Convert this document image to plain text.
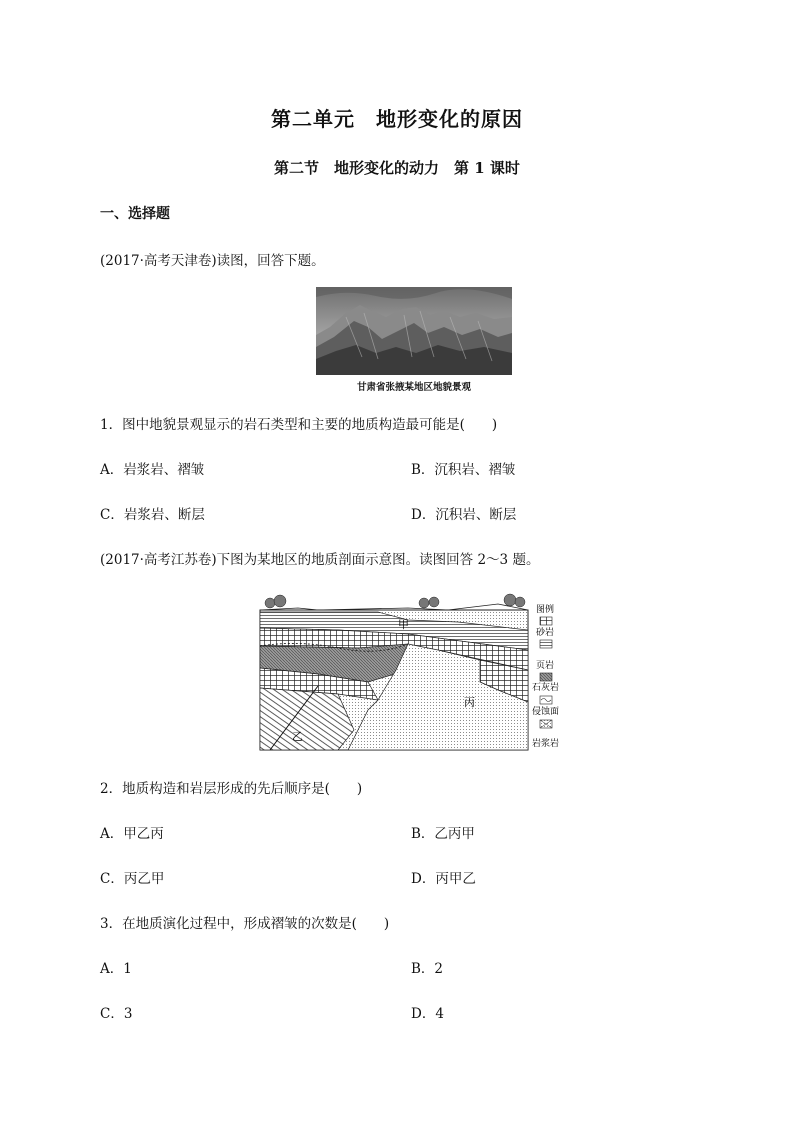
第二单元　地形变化的原因
第二节　地形变化的动力　第 1 课时
一、选择题
(2017·高考天津卷)读图，回答下题。
甘肃省张掖某地区地貌景观
1．图中地貌景观显示的岩石类型和主要的地质构造最可能是(　　)
A．岩浆岩、褶皱	B．沉积岩、褶皱
C．岩浆岩、断层	D．沉积岩、断层
(2017·高考江苏卷)下图为某地区的地质剖面示意图。读图回答 2～3 题。
甲
乙
丙
图例
砂岩
页岩
石灰岩
侵蚀面
岩浆岩
2．地质构造和岩层形成的先后顺序是(　　)
A．甲乙丙	B．乙丙甲
C．丙乙甲	D．丙甲乙
3．在地质演化过程中，形成褶皱的次数是(　　)
A．1	B．2
C．3	D．4
